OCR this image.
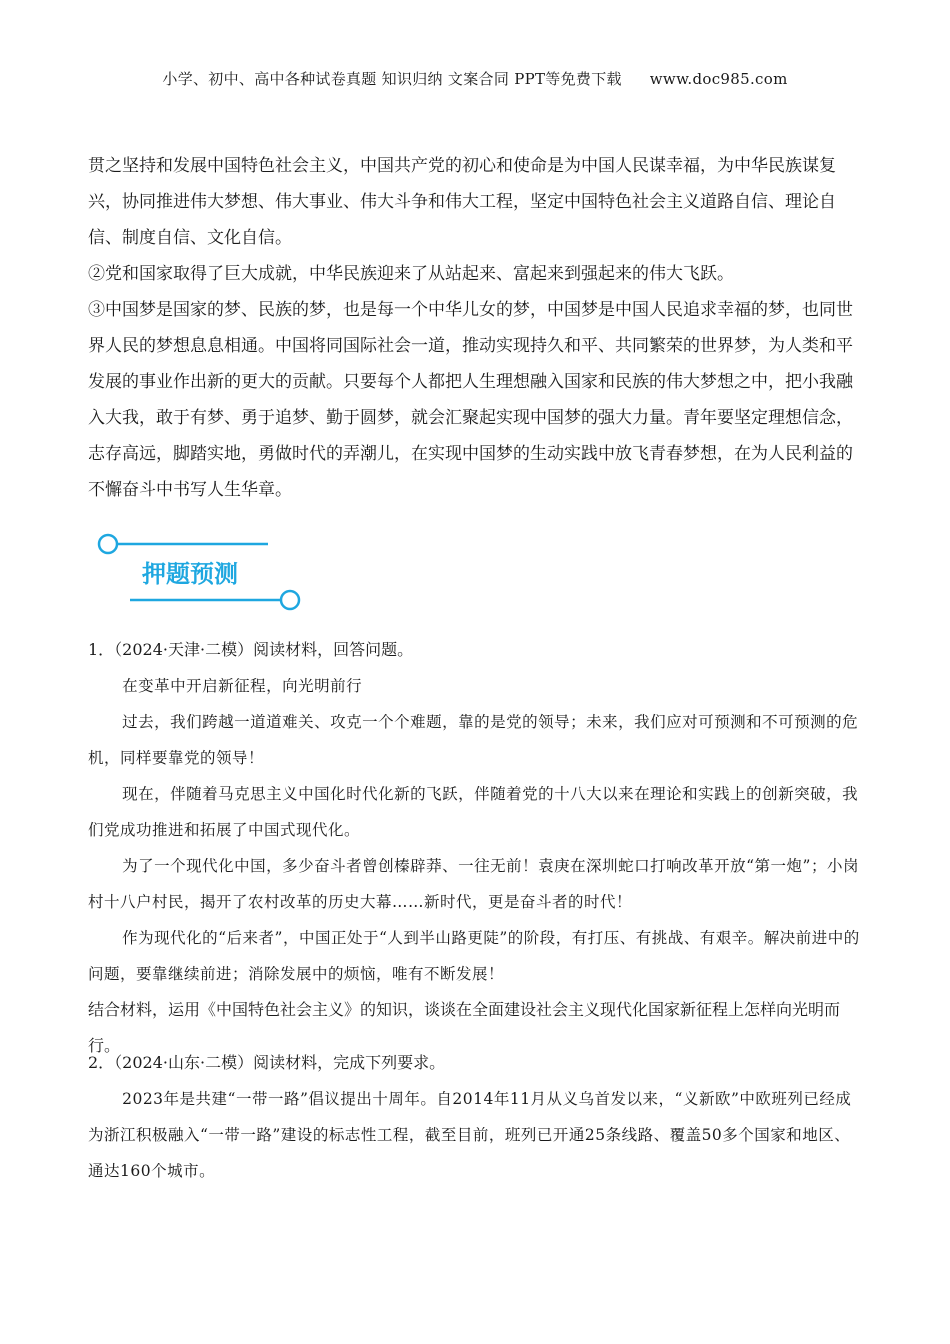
小学、初中、高中各种试卷真题 知识归纳 文案合同 PPT等免费下载 www.doc985.com

贯之坚持和发展中国特色社会主义，中国共产党的初心和使命是为中国人民谋幸福，为中华民族谋复兴，协同推进伟大梦想、伟大事业、伟大斗争和伟大工程，坚定中国特色社会主义道路自信、理论自信、制度自信、文化自信。

②党和国家取得了巨大成就，中华民族迎来了从站起来、富起来到强起来的伟大飞跃。

③中国梦是国家的梦、民族的梦，也是每一个中华儿女的梦，中国梦是中国人民追求幸福的梦，也同世界人民的梦想息息相通。中国将同国际社会一道，推动实现持久和平、共同繁荣的世界梦，为人类和平发展的事业作出新的更大的贡献。只要每个人都把人生理想融入国家和民族的伟大梦想之中，把小我融入大我，敢于有梦、勇于追梦、勤于圆梦，就会汇聚起实现中国梦的强大力量。青年要坚定理想信念，志存高远，脚踏实地，勇做时代的弄潮儿，在实现中国梦的生动实践中放飞青春梦想，在为人民利益的不懈奋斗中书写人生华章。

押题预测

1．（2024·天津·二模）阅读材料，回答问题。

在变革中开启新征程，向光明前行

过去，我们跨越一道道难关、攻克一个个难题，靠的是党的领导；未来，我们应对可预测和不可预测的危机，同样要靠党的领导！

现在，伴随着马克思主义中国化时代化新的飞跃，伴随着党的十八大以来在理论和实践上的创新突破，我们党成功推进和拓展了中国式现代化。

为了一个现代化中国，多少奋斗者曾创榛辟莽、一往无前！袁庚在深圳蛇口打响改革开放“第一炮”；小岗村十八户村民，揭开了农村改革的历史大幕……新时代，更是奋斗者的时代！

作为现代化的“后来者”，中国正处于“人到半山路更陡”的阶段，有打压、有挑战、有艰辛。解决前进中的问题，要靠继续前进；消除发展中的烦恼，唯有不断发展！

结合材料，运用《中国特色社会主义》的知识，谈谈在全面建设社会主义现代化国家新征程上怎样向光明而行。

2．（2024·山东·二模）阅读材料，完成下列要求。

2023年是共建“一带一路”倡议提出十周年。自2014年11月从义乌首发以来，“义新欧”中欧班列已经成为浙江积极融入“一带一路”建设的标志性工程，截至目前，班列已开通25条线路、覆盖50多个国家和地区、通达160个城市。
